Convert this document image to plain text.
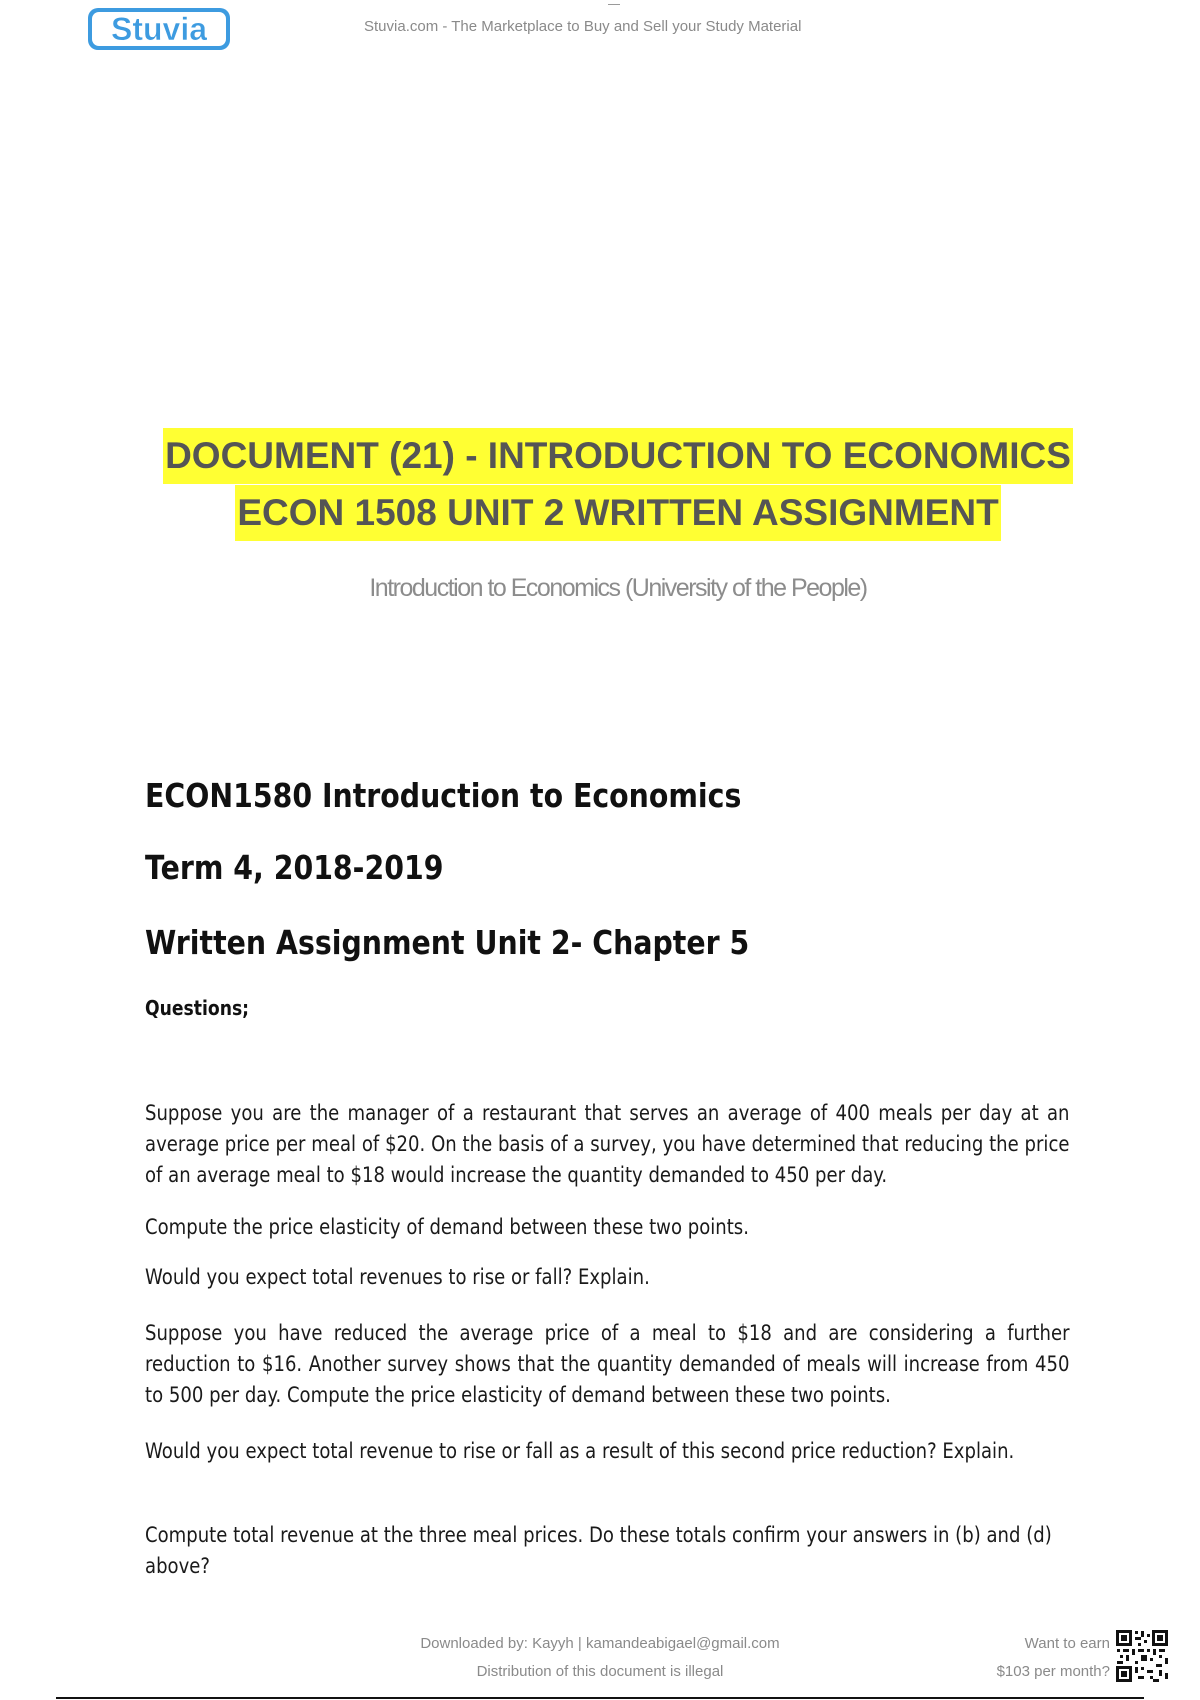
Stuvia	Stuvia.com - The Marketplace to Buy and Sell your Study Material
DOCUMENT (21) - INTRODUCTION TO ECONOMICS
ECON 1508 UNIT 2 WRITTEN ASSIGNMENT
Introduction to Economics (University of the People)
ECON1580 Introduction to Economics
Term 4, 2018-2019
Written Assignment Unit 2- Chapter 5
Questions;
Suppose you are the manager of a restaurant that serves an average of 400 meals per day at an average price per meal of $20. On the basis of a survey, you have determined that reducing the price of an average meal to $18 would increase the quantity demanded to 450 per day.
Compute the price elasticity of demand between these two points.
Would you expect total revenues to rise or fall? Explain.
Suppose you have reduced the average price of a meal to $18 and are considering a further reduction to $16. Another survey shows that the quantity demanded of meals will increase from 450 to 500 per day. Compute the price elasticity of demand between these two points.
Would you expect total revenue to rise or fall as a result of this second price reduction? Explain.
Compute total revenue at the three meal prices. Do these totals confirm your answers in (b) and (d) above?
Downloaded by: Kayyh | kamandeabigael@gmail.com
Distribution of this document is illegal
Want to earn
$103 per month?
